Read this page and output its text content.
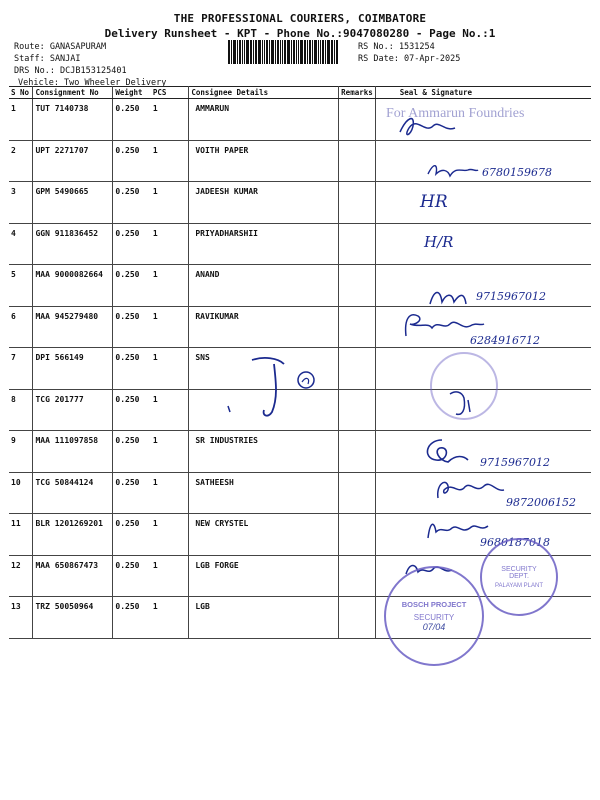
THE PROFESSIONAL COURIERS, COIMBATORE
Delivery Runsheet - KPT - Phone No.:9047080280 - Page No.:1
Route: GANASAPURAM
Staff: SANJAI
DRS No.: DCJB153125401
Vehicle: Two Wheeler Delivery
RS No.: 1531254
RS Date: 07-Apr-2025
S No	Consignment No	Weight	PCS	Consignee Details	Remarks	Seal & Signature
1	TUT 7140738	0.250	1	AMMARUN		
2	UPT 2271707	0.250	1	VOITH PAPER		
3	GPM 5490665	0.250	1	JADEESH KUMAR		
4	GGN 911836452	0.250	1	PRIYADHARSHII		
5	MAA 9000082664	0.250	1	ANAND		
6	MAA 945279480	0.250	1	RAVIKUMAR		
7	DPI 566149	0.250	1	SNS		
8	TCG 201777	0.250	1			
9	MAA 111097858	0.250	1	SR INDUSTRIES		
10	TCG 50844124	0.250	1	SATHEESH		
11	BLR 1201269201	0.250	1	NEW CRYSTEL		
12	MAA 650867473	0.250	1	LGB FORGE		
13	TRZ 50050964	0.250	1	LGB		
For Ammarun Foundries
6780159678
HR
H/R
9715967012
6284916712
9715967012
9872006152
9680187018
BOSCH PROJECT
SECURITY
07/04
SECURITY DEPT.
PALAYAM PLANT
